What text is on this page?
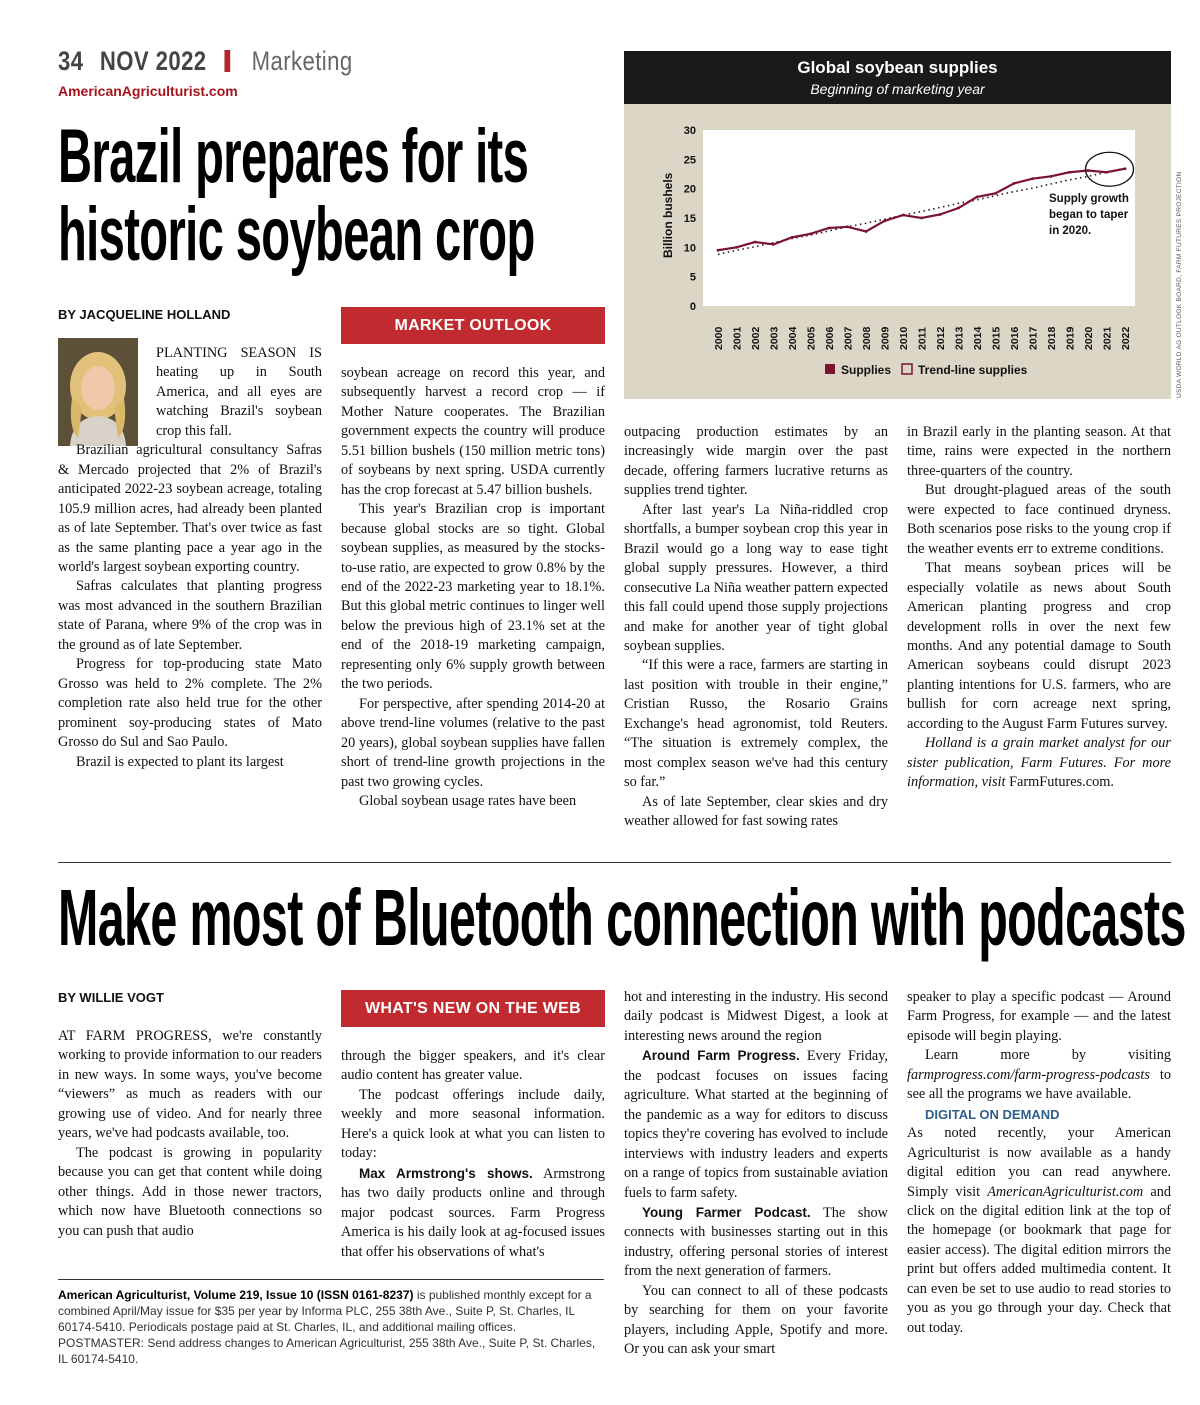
34 NOV 2022 Marketing
AmericanAgriculturist.com
Brazil prepares for its
historic soybean crop
BY JACQUELINE HOLLAND
MARKET OUTLOOK

PLANTING SEASON IS heating up in South America, and all eyes are watching Brazil's soybean crop this fall.

Brazilian agricultural consultancy Safras & Mercado projected that 2% of Brazil's anticipated 2022-23 soybean acreage, totaling 105.9 million acres, had already been planted as of late September. That's over twice as fast as the same planting pace a year ago in the world's largest soybean exporting country.

Safras calculates that planting progress was most advanced in the southern Brazilian state of Parana, where 9% of the crop was in the ground as of late September.

Progress for top-producing state Mato Grosso was held to 2% complete. The 2% completion rate also held true for the other prominent soy-producing states of Mato Grosso do Sul and Sao Paulo.

Brazil is expected to plant its largest

soybean acreage on record this year, and subsequently harvest a record crop — if Mother Nature cooperates. The Brazilian government expects the country will produce 5.51 billion bushels (150 million metric tons) of soybeans by next spring. USDA currently has the crop forecast at 5.47 billion bushels.

This year's Brazilian crop is important because global stocks are so tight. Global soybean supplies, as measured by the stocks-to-use ratio, are expected to grow 0.8% by the end of the 2022-23 marketing year to 18.1%. But this global metric continues to linger well below the previous high of 23.1% set at the end of the 2018-19 marketing campaign, representing only 6% supply growth between the two periods.

For perspective, after spending 2014-20 at above trend-line volumes (relative to the past 20 years), global soybean supplies have fallen short of trend-line growth projections in the past two growing cycles.

Global soybean usage rates have been

outpacing production estimates by an increasingly wide margin over the past decade, offering farmers lucrative returns as supplies trend tighter.

After last year's La Niña-riddled crop shortfalls, a bumper soybean crop this year in Brazil would go a long way to ease tight global supply pressures. However, a third consecutive La Niña weather pattern expected this fall could upend those supply projections and make for another year of tight global soybean supplies.

“If this were a race, farmers are starting in last position with trouble in their engine,” Cristian Russo, the Rosario Grains Exchange's head agronomist, told Reuters. “The situation is extremely complex, the most complex season we've had this century so far.”

As of late September, clear skies and dry weather allowed for fast sowing rates

in Brazil early in the planting season. At that time, rains were expected in the northern three-quarters of the country.

But drought-plagued areas of the south were expected to face continued dryness. Both scenarios pose risks to the young crop if the weather events err to extreme conditions.

That means soybean prices will be especially volatile as news about South American planting progress and crop development rolls in over the next few months. And any potential damage to South American soybeans could disrupt 2023 planting intentions for U.S. farmers, who are bullish for corn acreage next spring, according to the August Farm Futures survey.

Holland is a grain market analyst for our sister publication, Farm Futures. For more information, visit FarmFutures.com.

Global soybean supplies
Beginning of marketing year
Billion bushels
0
5
10
15
20
25
30
2000 2001 2002 2003 2004 2005 2006 2007 2008 2009 2010 2011 2012 2013 2014 2015 2016 2017 2018 2019 2020 2021 2022
Supply growth
began to taper
in 2020.
Supplies Trend-line supplies	USDA WORLD AG OUTLOOK BOARD, FARM FUTURES PROJECTION
Make most of Bluetooth connection with podcasts
BY WILLIE VOGT
WHAT'S NEW ON THE WEB

AT FARM PROGRESS, we're constantly working to provide information to our readers in new ways. In some ways, you've become “viewers” as much as readers with our growing use of video. And for nearly three years, we've had podcasts available, too.

The podcast is growing in popularity because you can get that content while doing other things. Add in those newer tractors, which now have Bluetooth connections so you can push that audio

through the bigger speakers, and it's clear audio content has greater value.

The podcast offerings include daily, weekly and more seasonal information. Here's a quick look at what you can listen to today:

Max Armstrong's shows. Armstrong has two daily products online and through major podcast sources. Farm Progress America is his daily look at ag-focused issues that offer his observations of what's

hot and interesting in the industry. His second daily podcast is Midwest Digest, a look at interesting news around the region

Around Farm Progress. Every Friday, the podcast focuses on issues facing agriculture. What started at the beginning of the pandemic as a way for editors to discuss topics they're covering has evolved to include interviews with industry leaders and experts on a range of topics from sustainable aviation fuels to farm safety.

Young Farmer Podcast. The show connects with businesses starting out in this industry, offering personal stories of interest from the next generation of farmers.

You can connect to all of these podcasts by searching for them on your favorite players, including Apple, Spotify and more. Or you can ask your smart

speaker to play a specific podcast — Around Farm Progress, for example — and the latest episode will begin playing.

Learn more by visiting farmprogress.com/farm-progress-podcasts to see all the programs we have available.

DIGITAL ON DEMAND

As noted recently, your American Agriculturist is now available as a handy digital edition you can read anywhere. Simply visit AmericanAgriculturist.com and click on the digital edition link at the top of the homepage (or bookmark that page for easier access). The digital edition mirrors the print but offers added multimedia content. It can even be set to use audio to read stories to you as you go through your day. Check that out today.

American Agriculturist, Volume 219, Issue 10 (ISSN 0161-8237) is published monthly except for a combined April/May issue for $35 per year by Informa PLC, 255 38th Ave., Suite P, St. Charles, IL 60174-5410. Periodicals postage paid at St. Charles, IL, and additional mailing offices. POSTMASTER: Send address changes to American Agriculturist, 255 38th Ave., Suite P, St. Charles, IL 60174-5410.
